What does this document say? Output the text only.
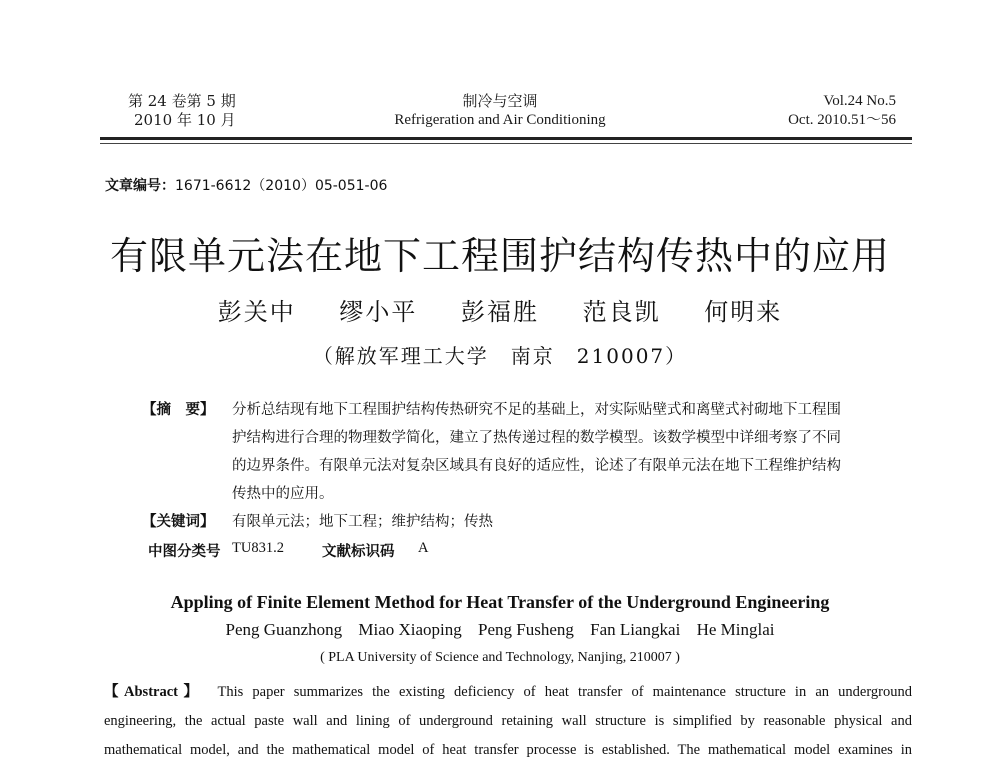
第 24 卷第 5 期
2010 年 10 月
制冷与空调
Refrigeration and Air Conditioning
Vol.24 No.5
Oct. 2010.51～56
文章编号：1671-6612（2010）05-051-06
有限单元法在地下工程围护结构传热中的应用
彭关中 缪小平 彭福胜 范良凯 何明来
（解放军理工大学　南京　210007）
【摘　要】 分析总结现有地下工程围护结构传热研究不足的基础上，对实际贴壁式和离壁式衬砌地下工程围
护结构进行合理的物理数学简化，建立了热传递过程的数学模型。该数学模型中详细考察了不同
的边界条件。有限单元法对复杂区域具有良好的适应性，论述了有限单元法在地下工程维护结构
传热中的应用。
【关键词】 有限单元法；地下工程；维护结构；传热
中图分类号 TU831.2	文献标识码 A
Appling of Finite Element Method for Heat Transfer of the Underground Engineering
Peng Guanzhong Miao Xiaoping Peng Fusheng Fan Liangkai He Minglai
( PLA University of Science and Technology, Nanjing, 210007 )
【Abstract】 This paper summarizes the existing deficiency of heat transfer of maintenance structure in an underground
engineering, the actual paste wall and lining of underground retaining wall structure is simplified by reasonable physical and
mathematical model, and the mathematical model of heat transfer processe is established. The mathematical model examines in
